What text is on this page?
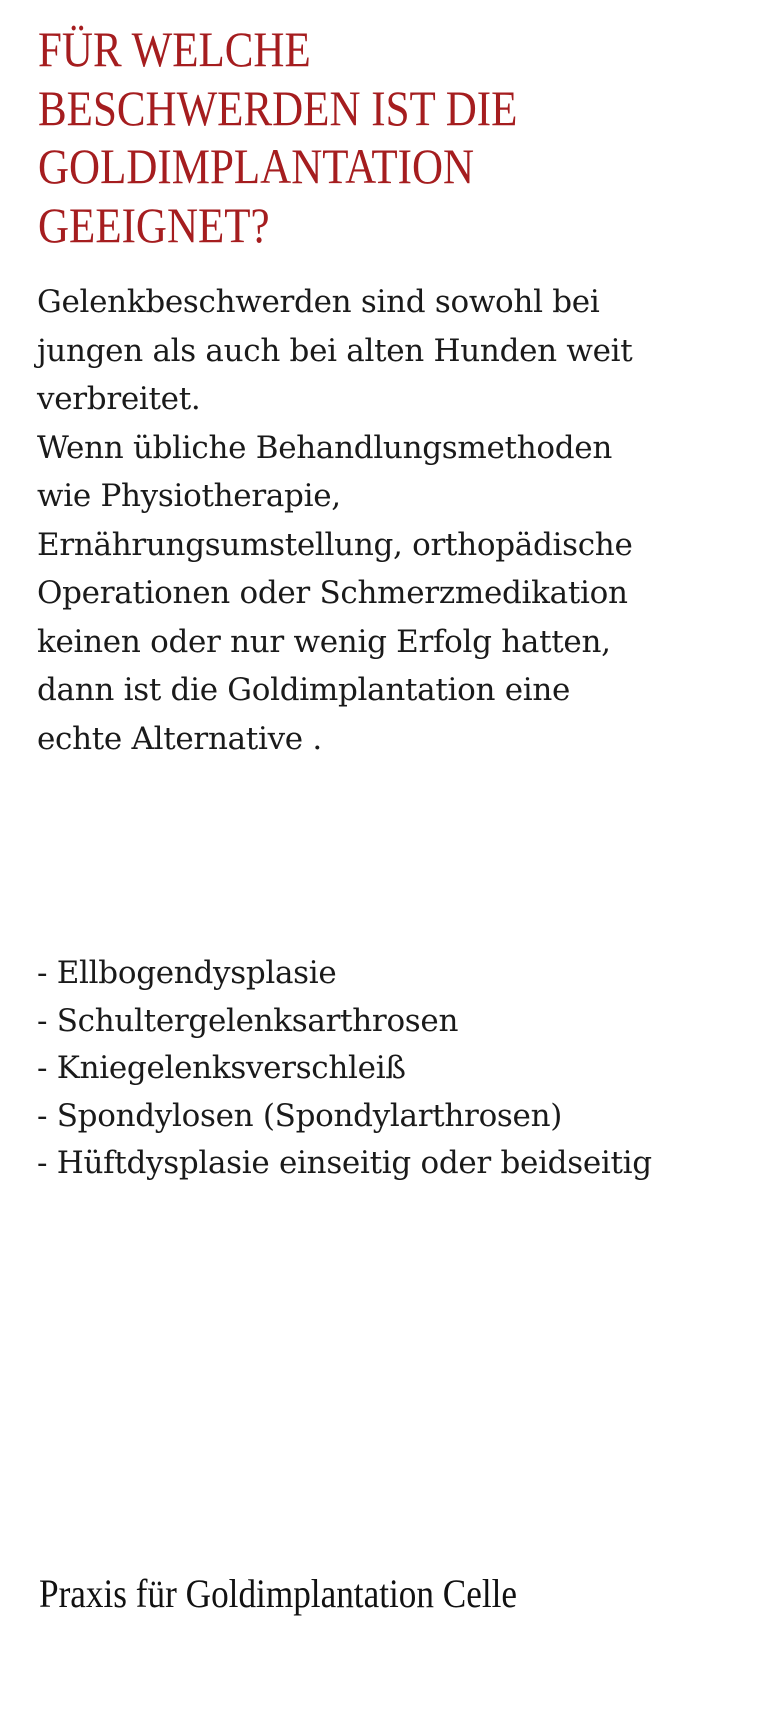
FÜR WELCHE
BESCHWERDEN IST DIE
GOLDIMPLANTATION
GEEIGNET?

Gelenkbeschwerden sind sowohl bei
jungen als auch bei alten Hunden weit
verbreitet.
Wenn übliche Behandlungsmethoden
wie Physiotherapie,
Ernährungsumstellung, orthopädische
Operationen oder Schmerzmedikation
keinen oder nur wenig Erfolg hatten,
dann ist die Goldimplantation eine
echte Alternative .

- Ellbogendysplasie
- Schultergelenksarthrosen
- Kniegelenksverschleiß
- Spondylosen (Spondylarthrosen)
- Hüftdysplasie einseitig oder beidseitig
Praxis für Goldimplantation Celle
